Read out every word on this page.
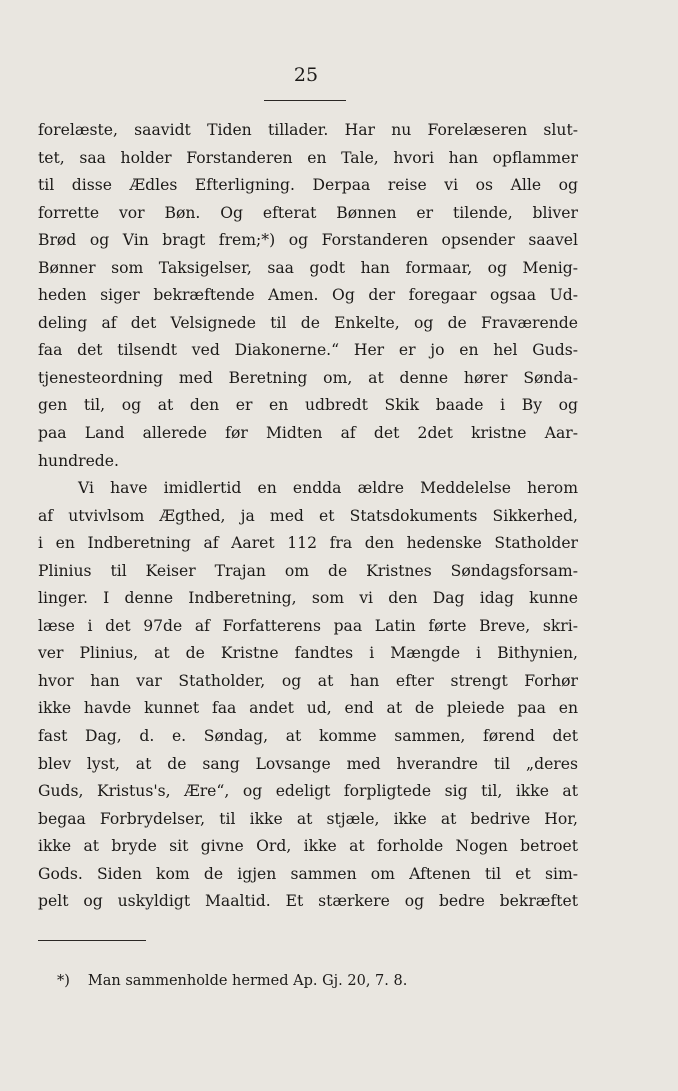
25
forelæste, saavidt Tiden tillader. Har nu Forelæseren slut-
tet, saa holder Forstanderen en Tale, hvori han opflammer
til disse Ædles Efterligning. Derpaa reise vi os Alle og
forrette vor Bøn. Og efterat Bønnen er tilende, bliver
Brød og Vin bragt frem;*) og Forstanderen opsender saavel
Bønner som Taksigelser, saa godt han formaar, og Menig-
heden siger bekræftende Amen. Og der foregaar ogsaa Ud-
deling af det Velsignede til de Enkelte, og de Fraværende
faa det tilsendt ved Diakonerne.“ Her er jo en hel Guds-
tjenesteordning med Beretning om, at denne hører Sønda-
gen til, og at den er en udbredt Skik baade i By og
paa Land allerede før Midten af det 2det kristne Aar-
hundrede.
Vi have imidlertid en endda ældre Meddelelse herom
af utvivlsom Ægthed, ja med et Statsdokuments Sikkerhed,
i en Indberetning af Aaret 112 fra den hedenske Statholder
Plinius til Keiser Trajan om de Kristnes Søndagsforsam-
linger. I denne Indberetning, som vi den Dag idag kunne
læse i det 97de af Forfatterens paa Latin førte Breve, skri-
ver Plinius, at de Kristne fandtes i Mængde i Bithynien,
hvor han var Statholder, og at han efter strengt Forhør
ikke havde kunnet faa andet ud, end at de pleiede paa en
fast Dag, d. e. Søndag, at komme sammen, førend det
blev lyst, at de sang Lovsange med hverandre til „deres
Guds, Kristus's, Ære“, og edeligt forpligtede sig til, ikke at
begaa Forbrydelser, til ikke at stjæle, ikke at bedrive Hor,
ikke at bryde sit givne Ord, ikke at forholde Nogen betroet
Gods. Siden kom de igjen sammen om Aftenen til et sim-
pelt og uskyldigt Maaltid. Et stærkere og bedre bekræftet
*) Man sammenholde hermed Ap. Gj. 20, 7. 8.
